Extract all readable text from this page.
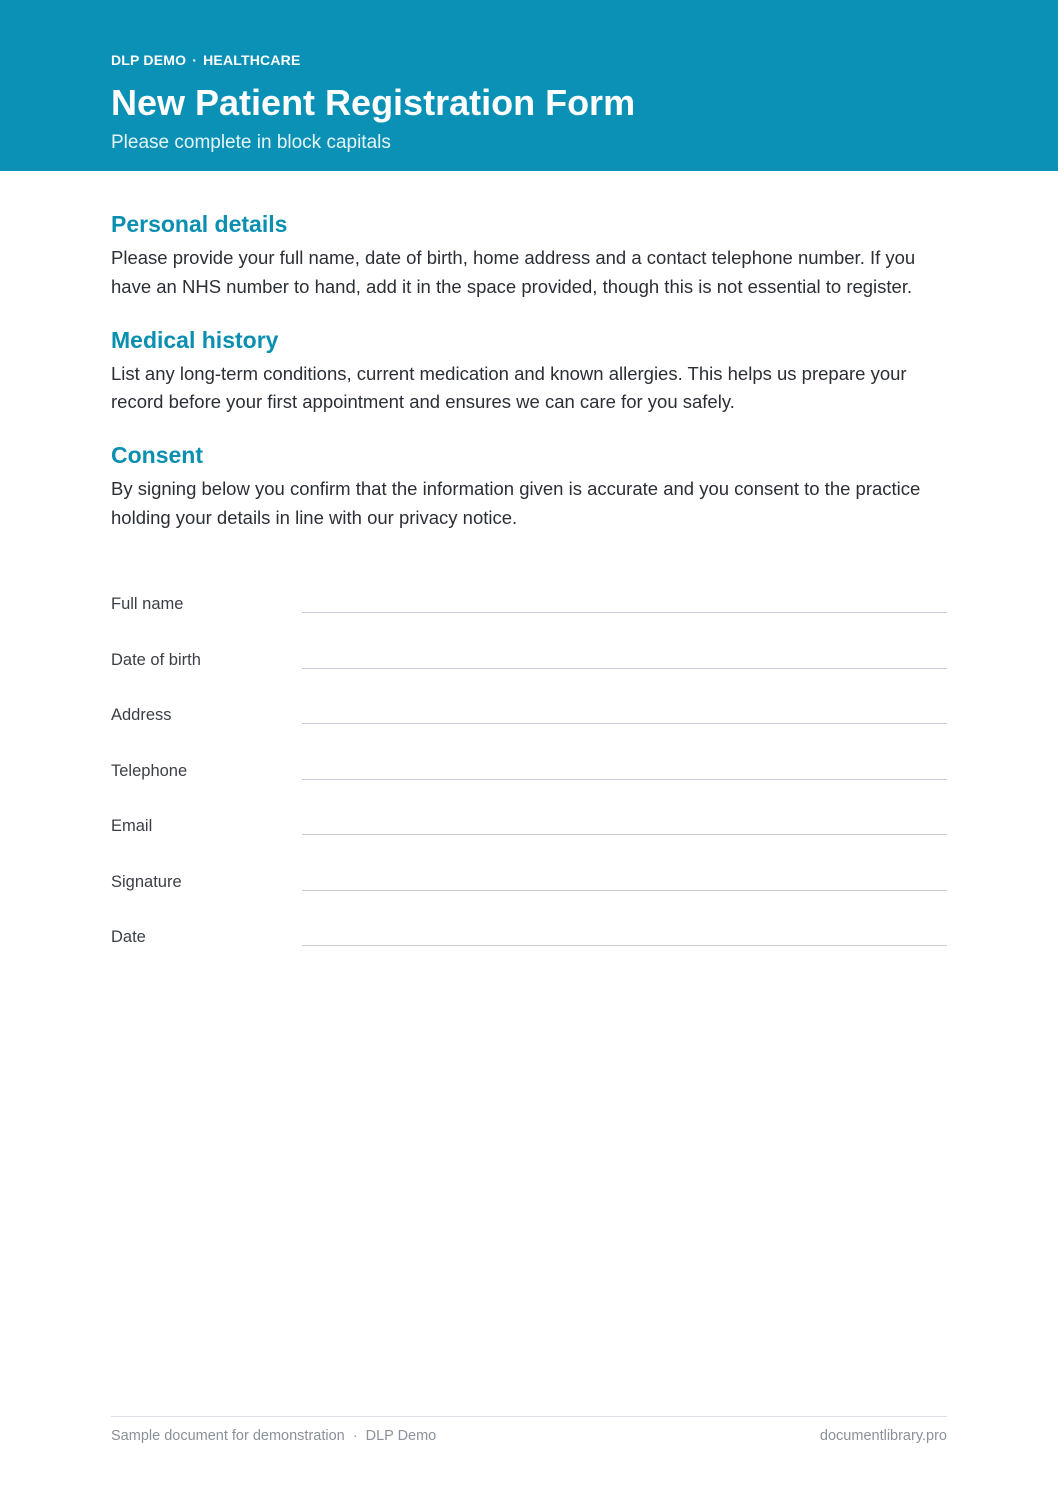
DLP DEMO · HEALTHCARE
New Patient Registration Form
Please complete in block capitals
Personal details

Please provide your full name, date of birth, home address and a contact telephone number. If you have an NHS number to hand, add it in the space provided, though this is not essential to register.

Medical history

List any long-term conditions, current medication and known allergies. This helps us prepare your record before your first appointment and ensures we can care for you safely.

Consent

By signing below you confirm that the information given is accurate and you consent to the practice holding your details in line with our privacy notice.

Full name
Date of birth
Address
Telephone
Email
Signature
Date
Sample document for demonstration · DLP Demo	documentlibrary.pro
